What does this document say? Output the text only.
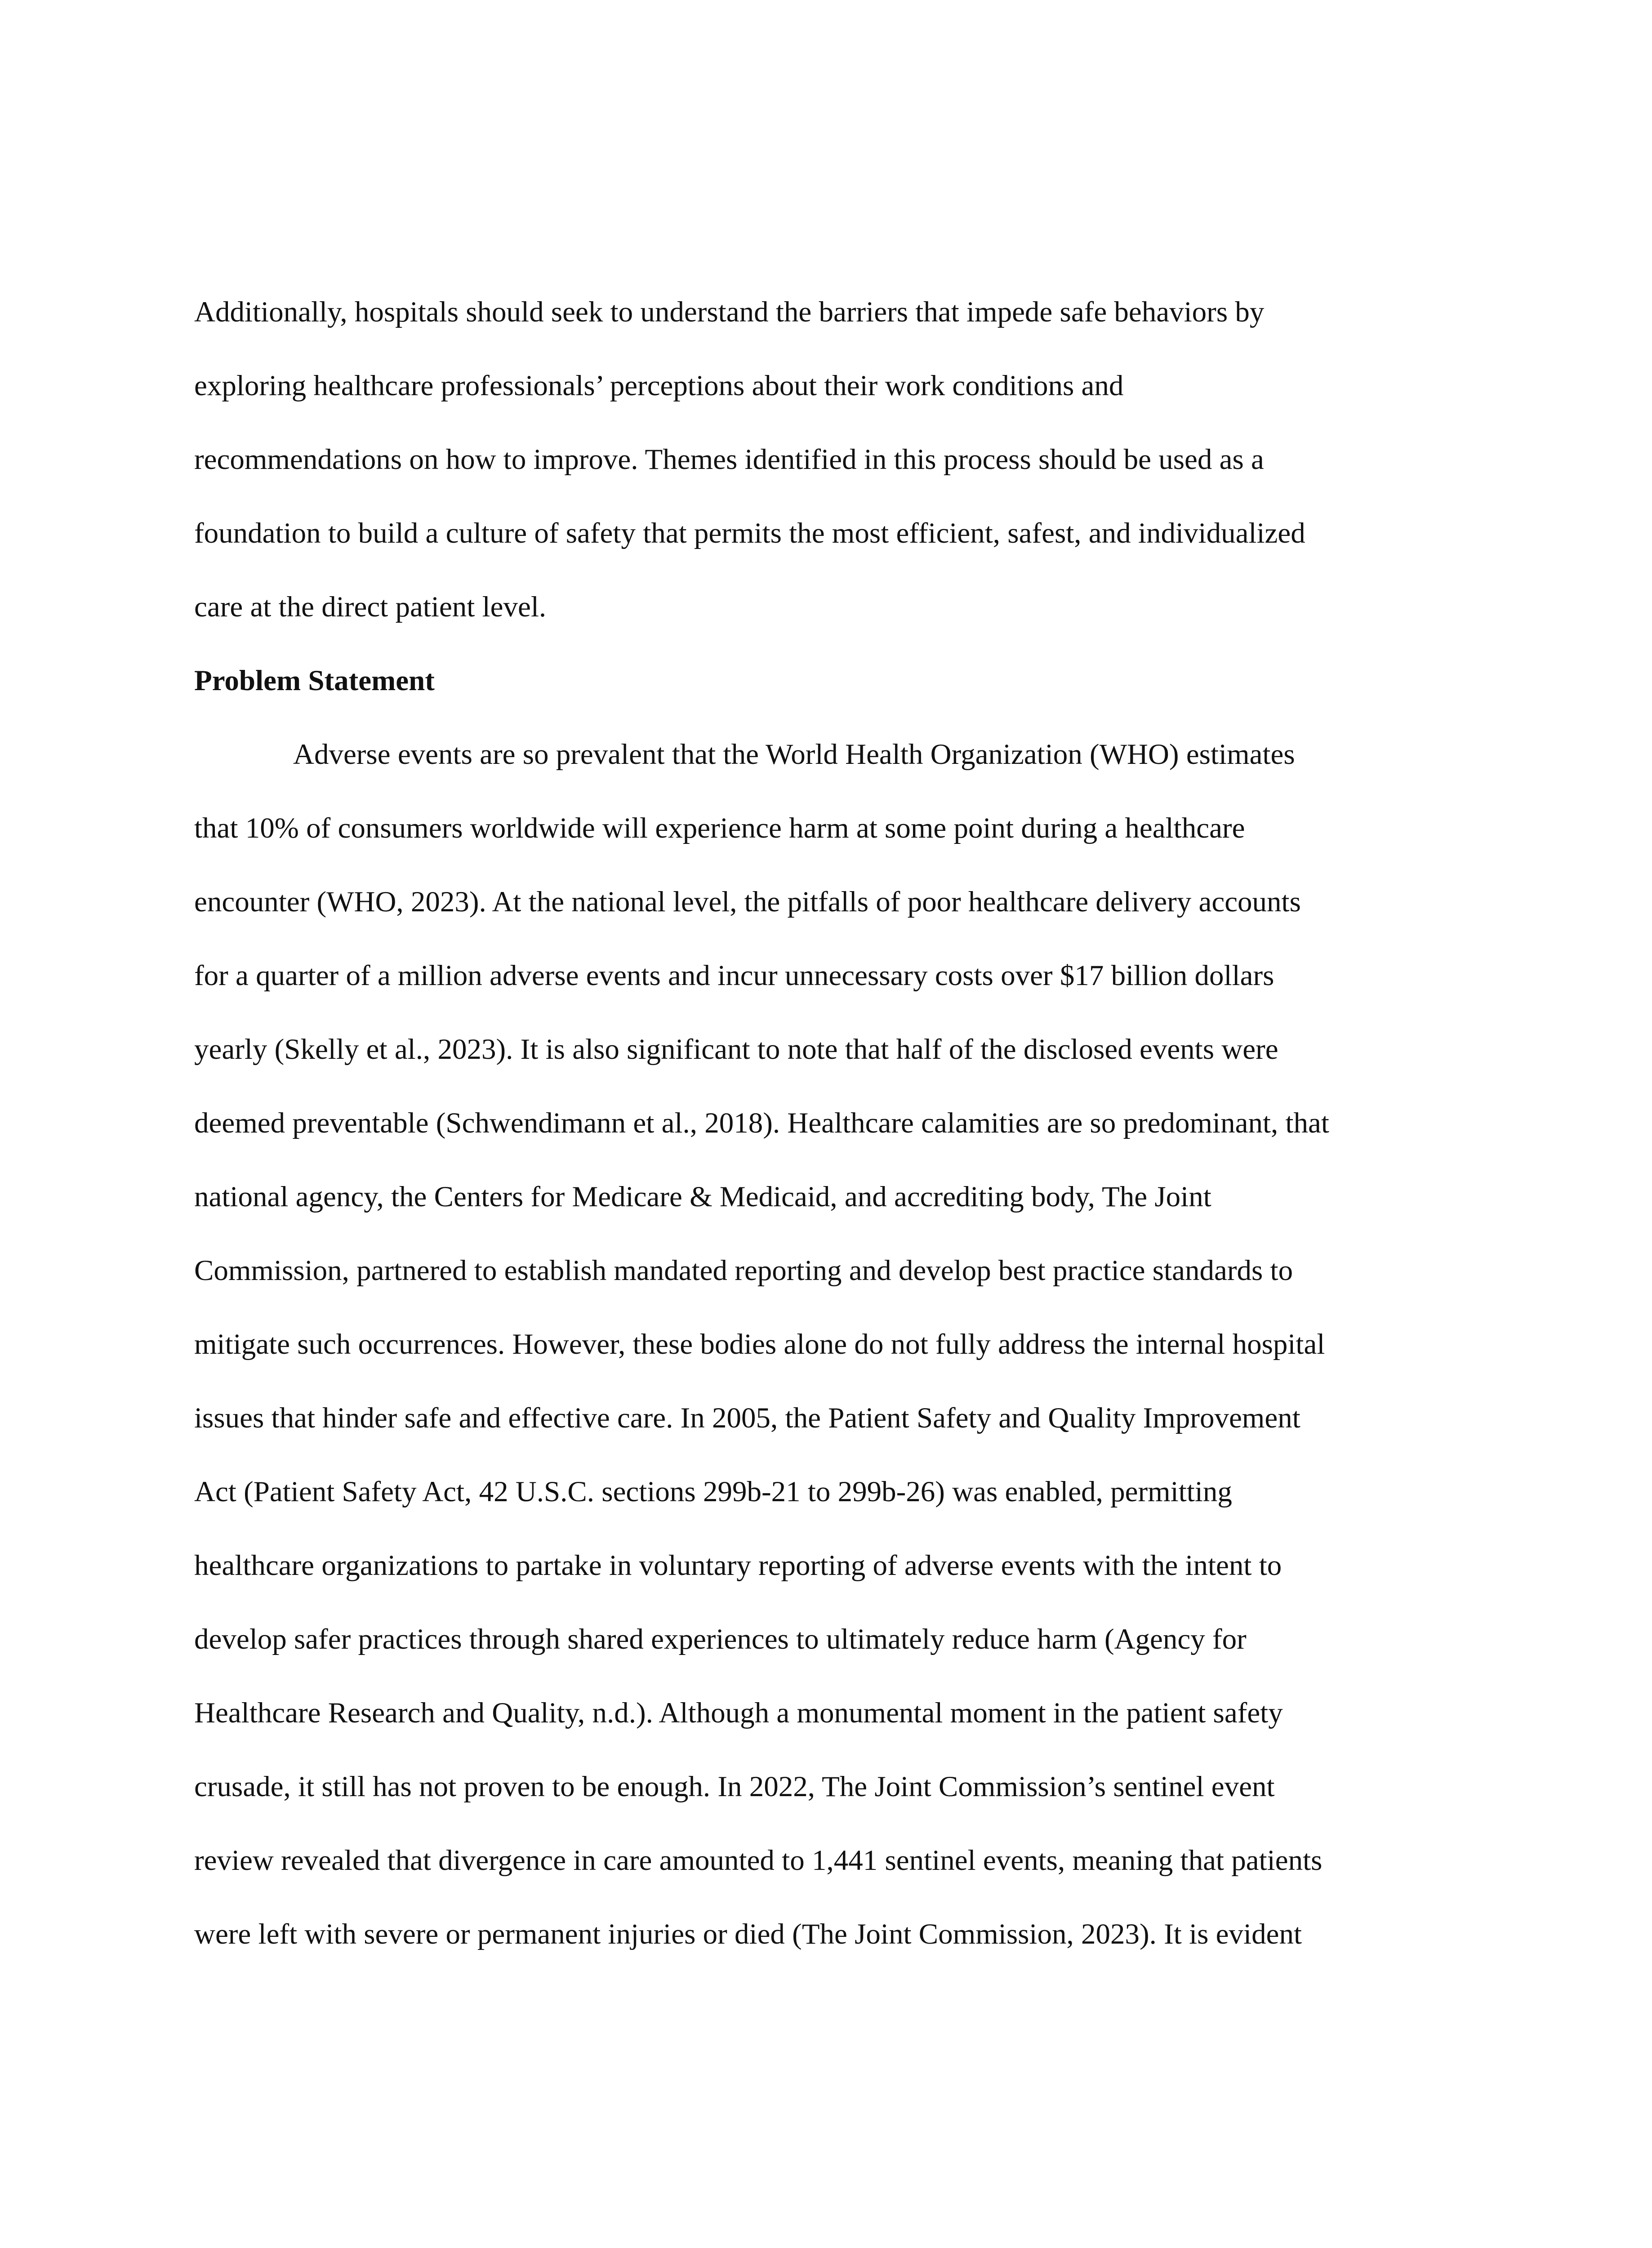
Additionally, hospitals should seek to understand the barriers that impede safe behaviors by
exploring healthcare professionals’ perceptions about their work conditions and
recommendations on how to improve. Themes identified in this process should be used as a
foundation to build a culture of safety that permits the most efficient, safest, and individualized
care at the direct patient level.
Problem Statement
Adverse events are so prevalent that the World Health Organization (WHO) estimates
that 10% of consumers worldwide will experience harm at some point during a healthcare
encounter (WHO, 2023). At the national level, the pitfalls of poor healthcare delivery accounts
for a quarter of a million adverse events and incur unnecessary costs over $17 billion dollars
yearly (Skelly et al., 2023). It is also significant to note that half of the disclosed events were
deemed preventable (Schwendimann et al., 2018). Healthcare calamities are so predominant, that
national agency, the Centers for Medicare & Medicaid, and accrediting body, The Joint
Commission, partnered to establish mandated reporting and develop best practice standards to
mitigate such occurrences. However, these bodies alone do not fully address the internal hospital
issues that hinder safe and effective care. In 2005, the Patient Safety and Quality Improvement
Act (Patient Safety Act, 42 U.S.C. sections 299b-21 to 299b-26) was enabled, permitting
healthcare organizations to partake in voluntary reporting of adverse events with the intent to
develop safer practices through shared experiences to ultimately reduce harm (Agency for
Healthcare Research and Quality, n.d.). Although a monumental moment in the patient safety
crusade, it still has not proven to be enough. In 2022, The Joint Commission’s sentinel event
review revealed that divergence in care amounted to 1,441 sentinel events, meaning that patients
were left with severe or permanent injuries or died (The Joint Commission, 2023). It is evident
